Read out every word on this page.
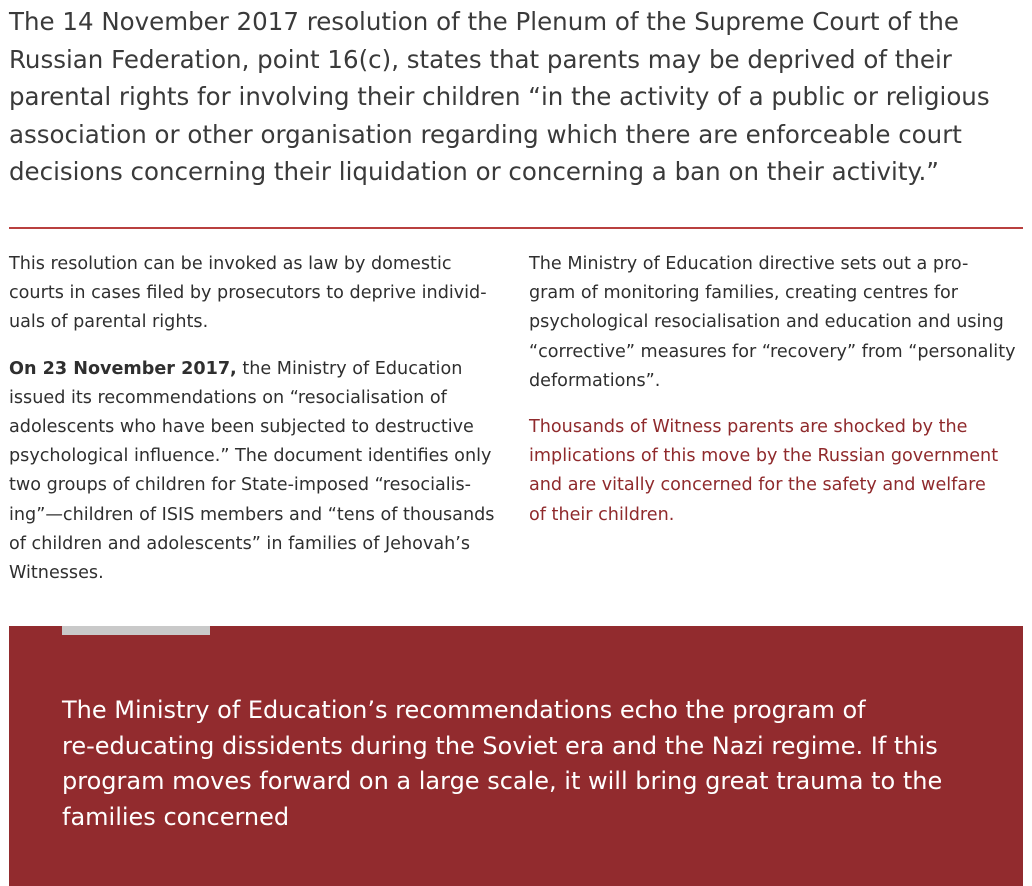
The 14 November 2017 resolution of the Plenum of the Supreme Court of the
Russian Federation, point 16(c), states that parents may be deprived of their
parental rights for involving their children “in the activity of a public or religious
association or other organisation regarding which there are enforceable court
decisions concerning their liquidation or concerning a ban on their activity.”

This resolution can be invoked as law by domestic
courts in cases filed by prosecutors to deprive individ-
uals of parental rights.

On 23 November 2017, the Ministry of Education
issued its recommendations on “resocialisation of
adolescents who have been subjected to destructive
psychological influence.” The document identifies only
two groups of children for State-imposed “resocialis-
ing”—children of ISIS members and “tens of thousands
of children and adolescents” in families of Jehovah’s
Witnesses.

The Ministry of Education directive sets out a pro-
gram of monitoring families, creating centres for
psychological resocialisation and education and using
“corrective” measures for “recovery” from “personality
deformations”.

Thousands of Witness parents are shocked by the
implications of this move by the Russian government
and are vitally concerned for the safety and welfare
of their children.

The Ministry of Education’s recommendations echo the program of
re-educating dissidents during the Soviet era and the Nazi regime. If this
program moves forward on a large scale, it will bring great trauma to the
families concerned
